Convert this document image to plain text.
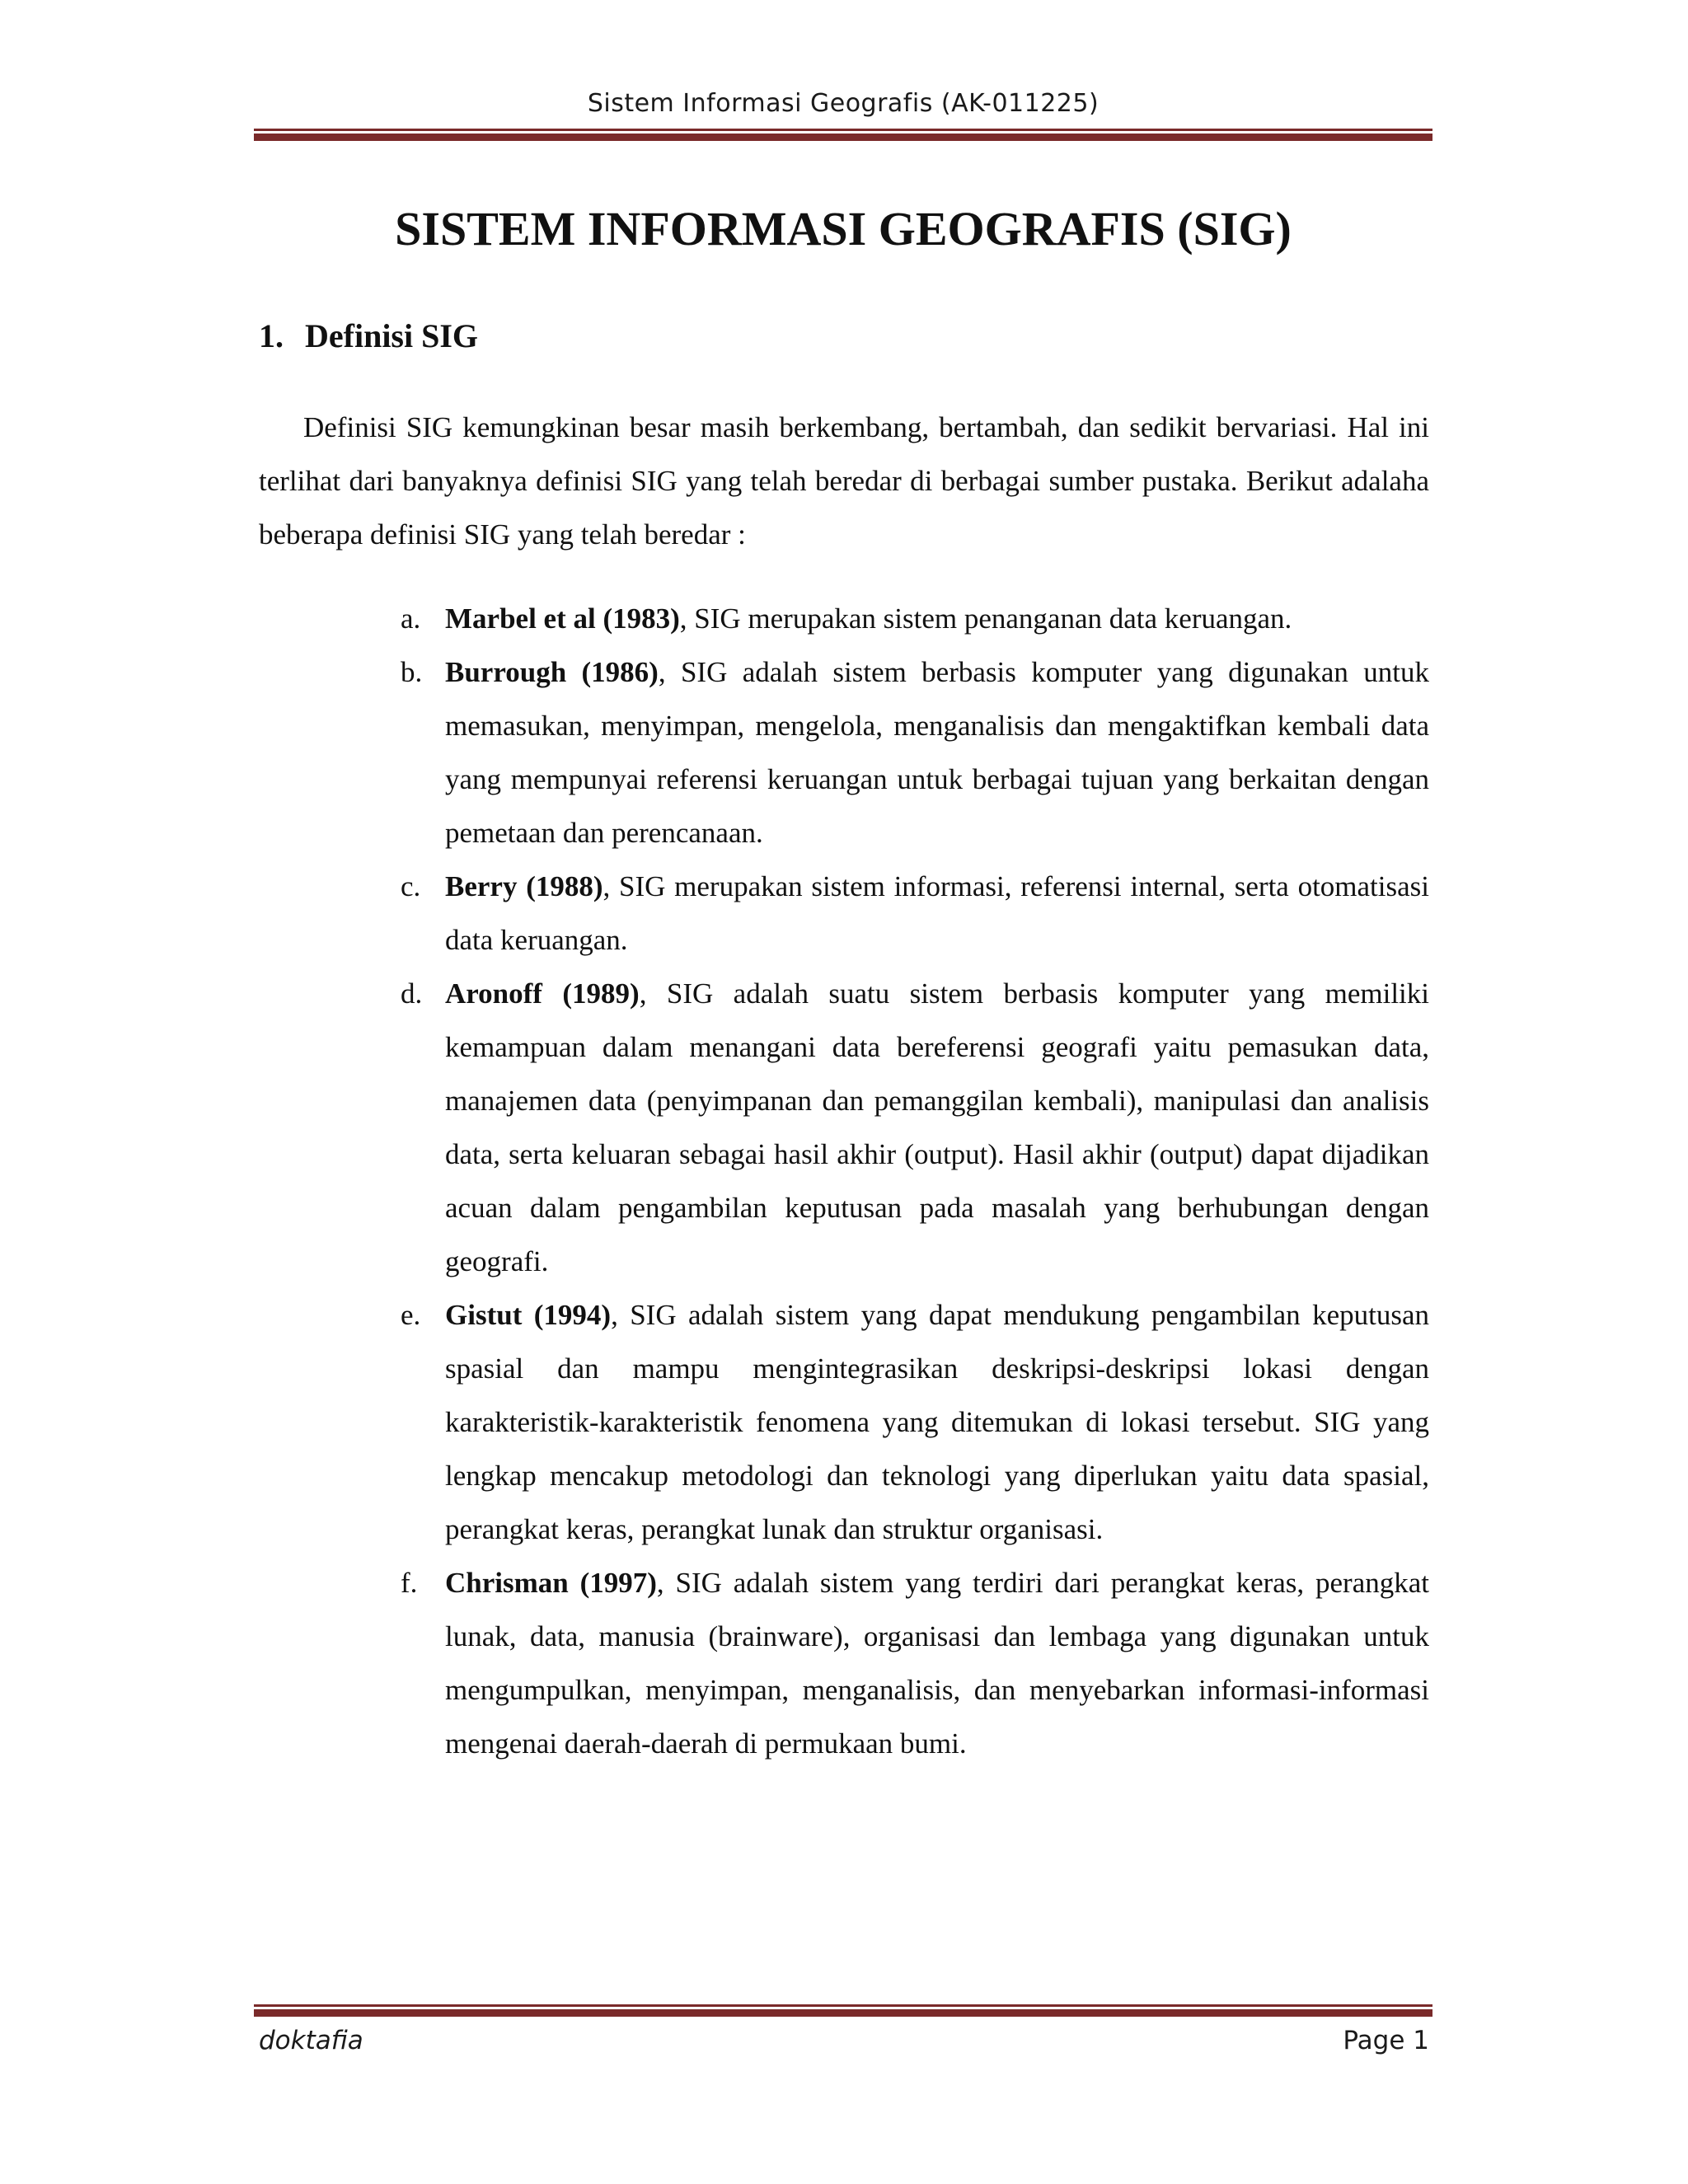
Sistem Informasi Geografis (AK-011225)
SISTEM INFORMASI GEOGRAFIS (SIG)
1. Definisi SIG

Definisi SIG kemungkinan besar masih berkembang, bertambah, dan sedikit bervariasi. Hal ini terlihat dari banyaknya definisi SIG yang telah beredar di berbagai sumber pustaka. Berikut adalaha beberapa definisi SIG yang telah beredar :

a. Marbel et al (1983), SIG merupakan sistem penanganan data keruangan.
b. Burrough (1986), SIG adalah sistem berbasis komputer yang digunakan untuk memasukan, menyimpan, mengelola, menganalisis dan mengaktifkan kembali data yang mempunyai referensi keruangan untuk berbagai tujuan yang berkaitan dengan pemetaan dan perencanaan.
c. Berry (1988), SIG merupakan sistem informasi, referensi internal, serta otomatisasi data keruangan.
d. Aronoff (1989), SIG adalah suatu sistem berbasis komputer yang memiliki kemampuan dalam menangani data bereferensi geografi yaitu pemasukan data, manajemen data (penyimpanan dan pemanggilan kembali), manipulasi dan analisis data, serta keluaran sebagai hasil akhir (output). Hasil akhir (output) dapat dijadikan acuan dalam pengambilan keputusan pada masalah yang berhubungan dengan geografi.
e. Gistut (1994), SIG adalah sistem yang dapat mendukung pengambilan keputusan spasial dan mampu mengintegrasikan deskripsi-deskripsi lokasi dengan karakteristik-karakteristik fenomena yang ditemukan di lokasi tersebut. SIG yang lengkap mencakup metodologi dan teknologi yang diperlukan yaitu data spasial, perangkat keras, perangkat lunak dan struktur organisasi.
f. Chrisman (1997), SIG adalah sistem yang terdiri dari perangkat keras, perangkat lunak, data, manusia (brainware), organisasi dan lembaga yang digunakan untuk mengumpulkan, menyimpan, menganalisis, dan menyebarkan informasi-informasi mengenai daerah-daerah di permukaan bumi.
doktafia	Page 1
